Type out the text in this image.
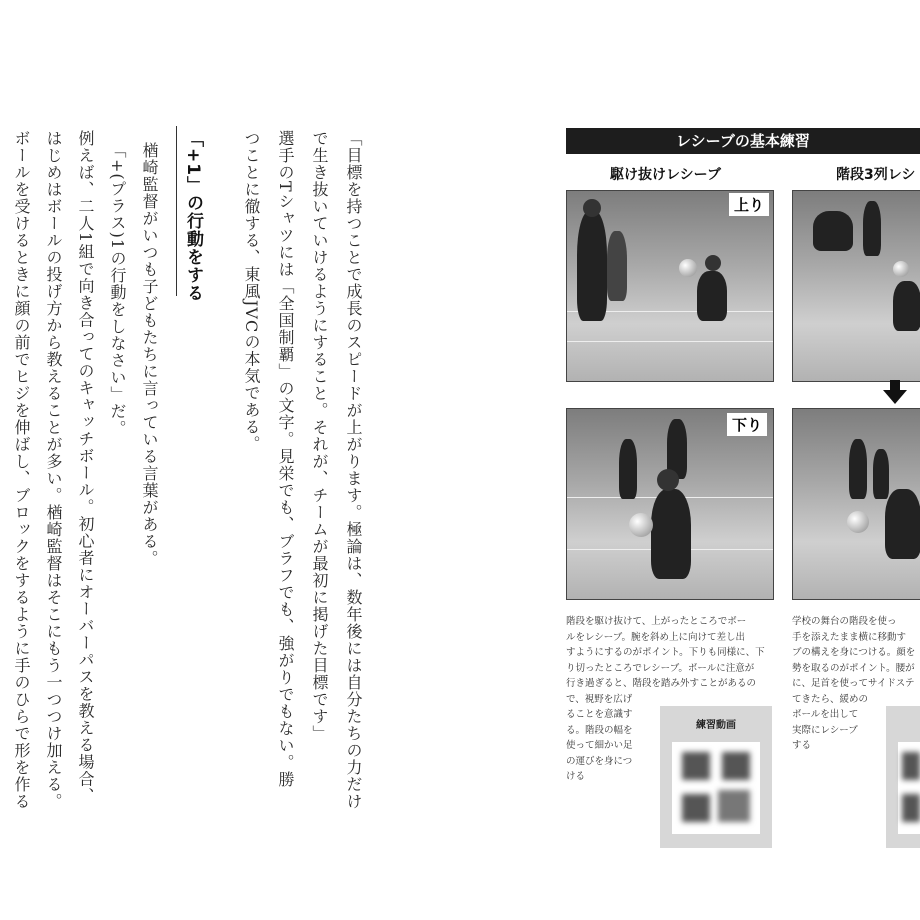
「目標を持つことで成長のスピードが上がります。極論は、数年後には自分たちの力だけ
で生き抜いていけるようにすること。それが、チームが最初に掲げた目標です」
選手のTシャツには「全国制覇」の文字。見栄でも、ブラフでも、強がりでもない。勝
つことに徹する、東風JVCの本気である。
「+1」の行動をする
楢崎監督がいつも子どもたちに言っている言葉がある。
「+(プラス)1の行動をしなさい」だ。
例えば、二人1組で向き合ってのキャッチボール。初心者にオーバーパスを教える場合、
はじめはボールの投げ方から教えることが多い。楢崎監督はそこにもう一つつけ加える。
ボールを受けるときに顔の前でヒジを伸ばし、ブロックをするように手のひらで形を作る	レシーブの基本練習
駆け抜けレシーブ	階段3列レシ
上り
下り
階段を駆け抜けて、上がったところでボー
ルをレシーブ。腕を斜め上に向けて差し出
すようにするのがポイント。下りも同様に、下
り切ったところでレシーブ。ボールに注意が
行き過ぎると、階段を踏み外すことがあるの
で、視野を広げ
ることを意識す
る。階段の幅を
使って細かい足
の運びを身につ
ける
学校の舞台の階段を使っ
手を添えたまま横に移動す
ブの構えを身につける。顔を
勢を取るのがポイント。腰が
に、足首を使ってサイドステ
てきたら、緩めの
ボールを出して
実際にレシーブ
する
練習動画
